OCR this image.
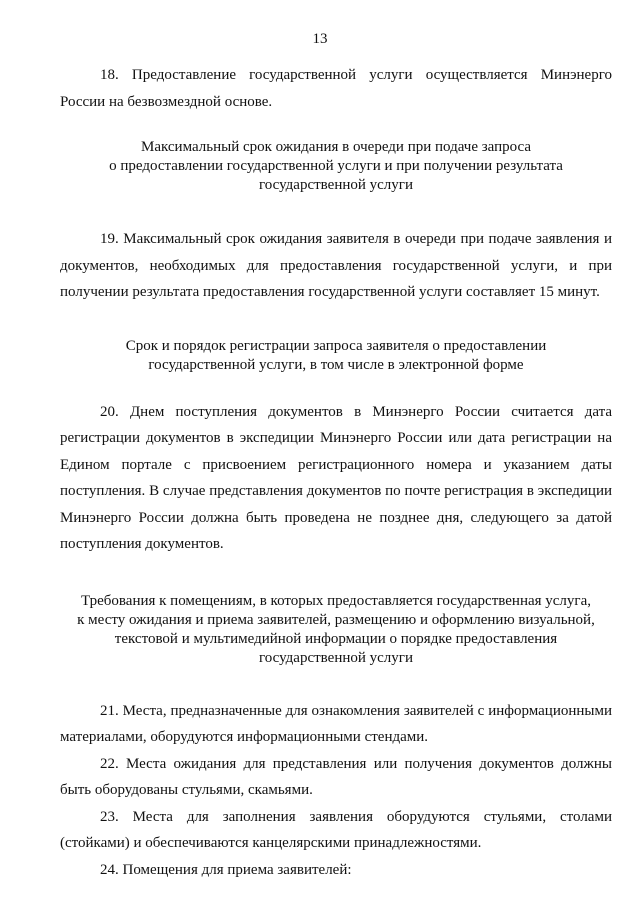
13

18. Предоставление государственной услуги осуществляется Минэнерго России на безвозмездной основе.

Максимальный срок ожидания в очереди при подаче запроса
о предоставлении государственной услуги и при получении результата
государственной услуги

19. Максимальный срок ожидания заявителя в очереди при подаче заявления и документов, необходимых для предоставления государственной услуги, и при получении результата предоставления государственной услуги составляет 15 минут.

Срок и порядок регистрации запроса заявителя о предоставлении
государственной услуги, в том числе в электронной форме

20. Днем поступления документов в Минэнерго России считается дата регистрации документов в экспедиции Минэнерго России или дата регистрации на Едином портале с присвоением регистрационного номера и указанием даты поступления. В случае представления документов по почте регистрация в экспедиции Минэнерго России должна быть проведена не позднее дня, следующего за датой поступления документов.

Требования к помещениям, в которых предоставляется государственная услуга,
к месту ожидания и приема заявителей, размещению и оформлению визуальной,
текстовой и мультимедийной информации о порядке предоставления
государственной услуги

21. Места, предназначенные для ознакомления заявителей с информационными материалами, оборудуются информационными стендами.

22. Места ожидания для представления или получения документов должны быть оборудованы стульями, скамьями.

23. Места для заполнения заявления оборудуются стульями, столами (стойками) и обеспечиваются канцелярскими принадлежностями.

24. Помещения для приема заявителей:
